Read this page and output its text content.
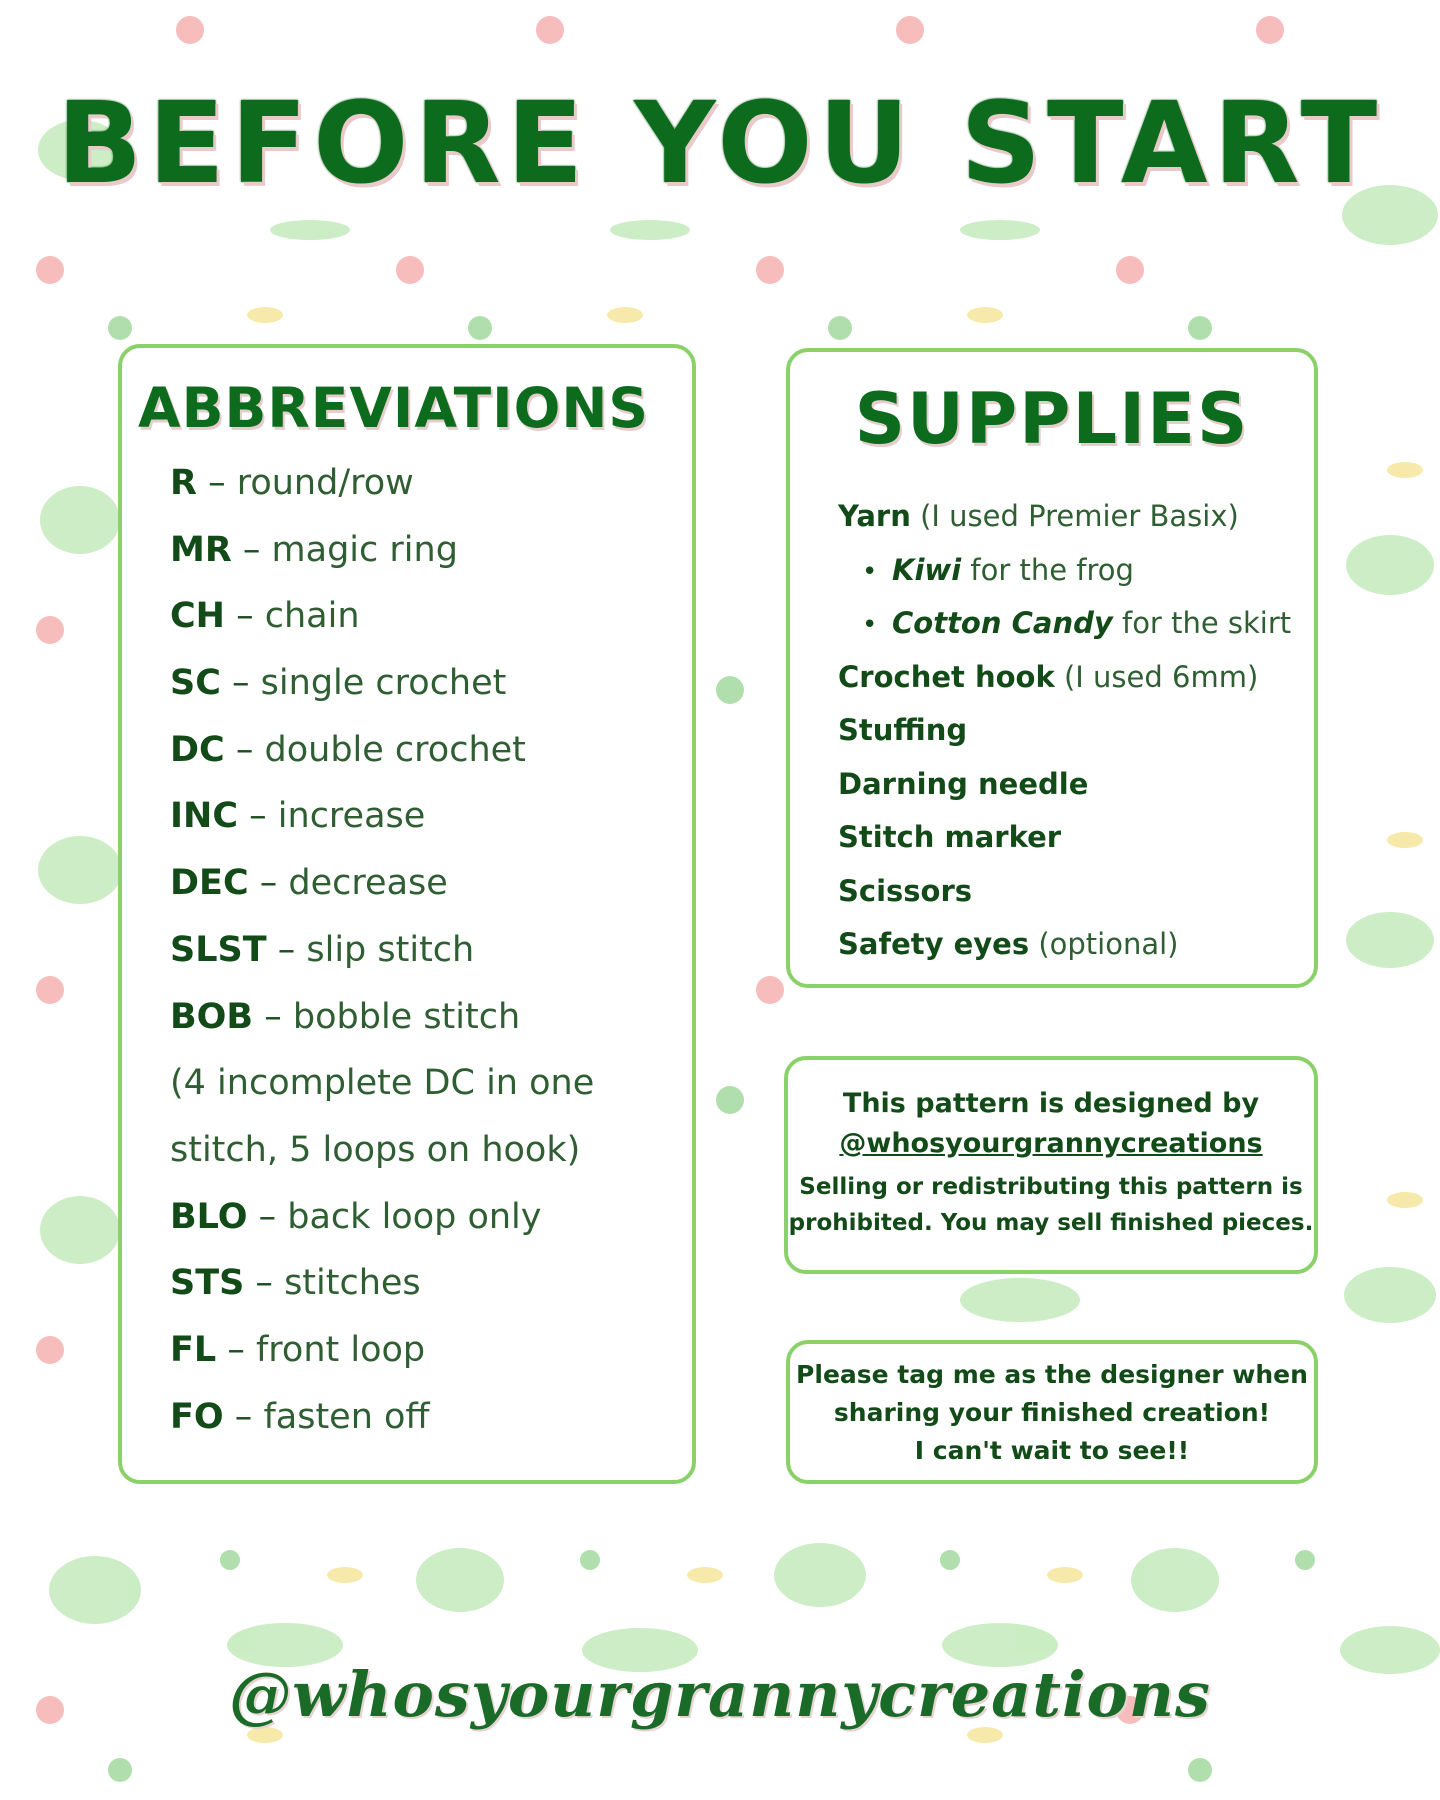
BEFORE YOU START
ABBREVIATIONS
R – round/row
MR – magic ring
CH – chain
SC – single crochet
DC – double crochet
INC – increase
DEC – decrease
SLST – slip stitch
BOB – bobble stitch
(4 incomplete DC in one
stitch, 5 loops on hook)
BLO – back loop only
STS – stitches
FL – front loop
FO – fasten off
SUPPLIES
Yarn (I used Premier Basix)
• Kiwi for the frog
• Cotton Candy for the skirt
Crochet hook (I used 6mm)
Stuffing
Darning needle
Stitch marker
Scissors
Safety eyes (optional)
This pattern is designed by
@whosyourgrannycreations
Selling or redistributing this pattern is
prohibited. You may sell finished pieces.
Please tag me as the designer when
sharing your finished creation!
I can't wait to see!!
@whosyourgrannycreations
